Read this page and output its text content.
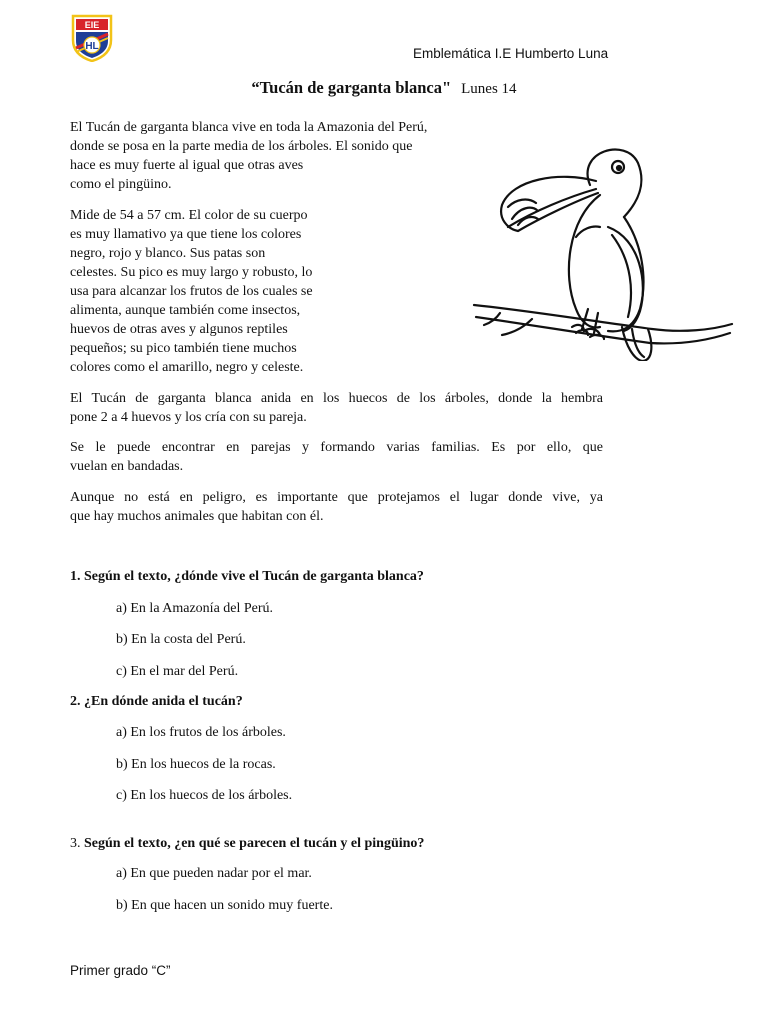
EIE
HL	Emblemática I.E Humberto Luna
“Tucán de garganta blanca" Lunes 14
El Tucán de garganta blanca vive en toda la Amazonia del Perú,
donde se posa en la parte media de los árboles. El sonido que
hace es muy fuerte al igual que otras aves
como el pingüino.
Mide de 54 a 57 cm. El color de su cuerpo
es muy llamativo ya que tiene los colores
negro, rojo y blanco. Sus patas son
celestes. Su pico es muy largo y robusto, lo
usa para alcanzar los frutos de los cuales se
alimenta, aunque también come insectos,
huevos de otras aves y algunos reptiles
pequeños; su pico también tiene muchos
colores como el amarillo, negro y celeste.
El Tucán de garganta blanca anida en los huecos de los árboles, donde la hembra
pone 2 a 4 huevos y los cría con su pareja.
Se le puede encontrar en parejas y formando varias familias. Es por ello, que
vuelan en bandadas.
Aunque no está en peligro, es importante que protejamos el lugar donde vive, ya
que hay muchos animales que habitan con él.
1. Según el texto, ¿dónde vive el Tucán de garganta blanca?
a) En la Amazonía del Perú.
b) En la costa del Perú.
c) En el mar del Perú.
2. ¿En dónde anida el tucán?
a) En los frutos de los árboles.
b) En los huecos de la rocas.
c) En los huecos de los árboles.
3. Según el texto, ¿en qué se parecen el tucán y el pingüino?
a) En que pueden nadar por el mar.
b) En que hacen un sonido muy fuerte.
Primer grado “C”
